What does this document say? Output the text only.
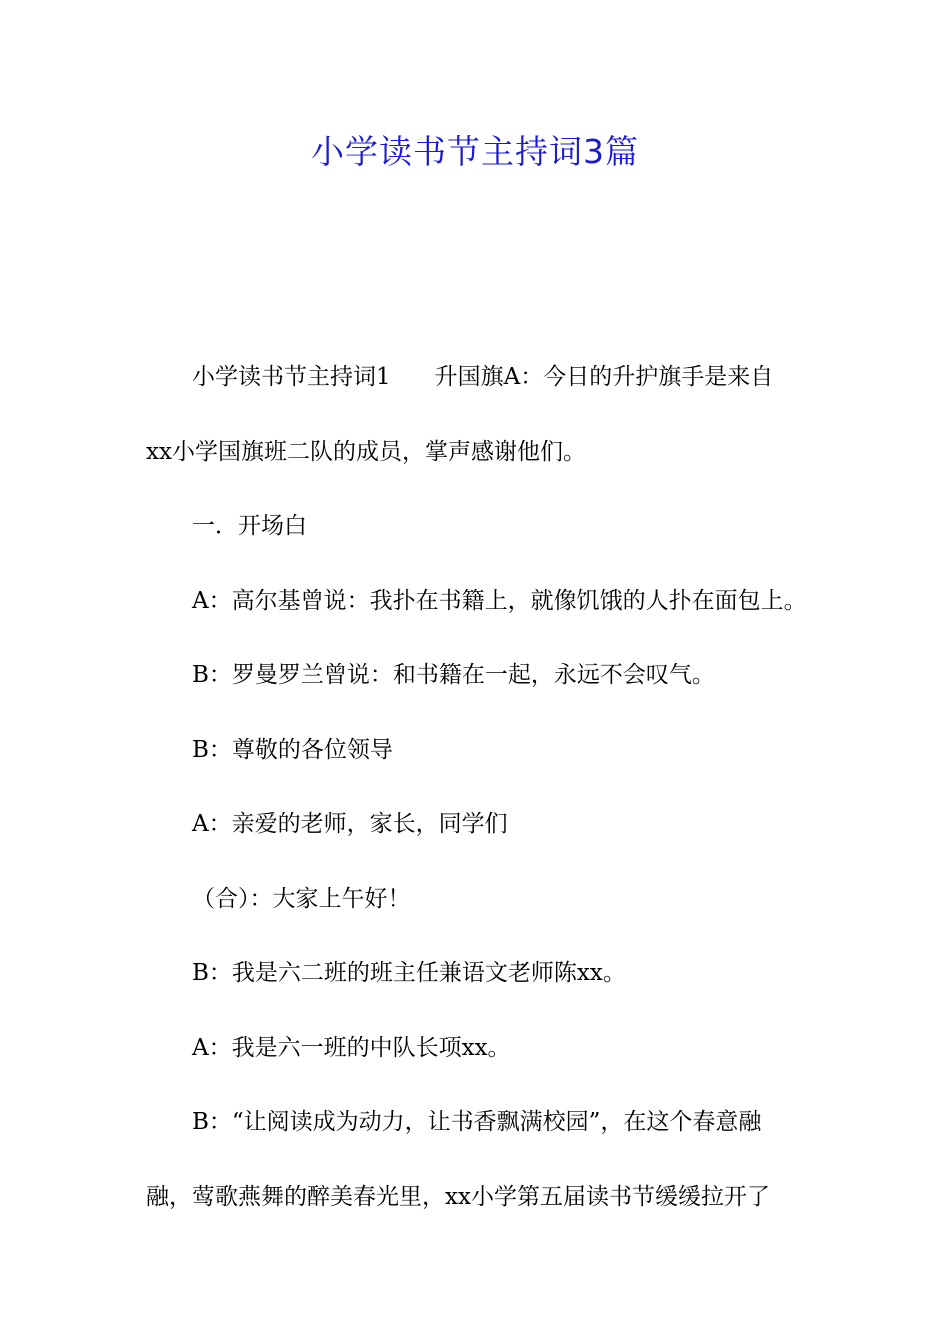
小学读书节主持词3篇

小学读书节主持词1 升国旗A：今日的升护旗手是来自

xx小学国旗班二队的成员，掌声感谢他们。

一．开场白

A：高尔基曾说：我扑在书籍上，就像饥饿的人扑在面包上。

B：罗曼罗兰曾说：和书籍在一起，永远不会叹气。

B：尊敬的各位领导

A：亲爱的老师，家长，同学们

（合）：大家上午好！

B：我是六二班的班主任兼语文老师陈xx。

A：我是六一班的中队长项xx。

B：“让阅读成为动力，让书香飘满校园”，在这个春意融

融，莺歌燕舞的醉美春光里，xx小学第五届读书节缓缓拉开了
